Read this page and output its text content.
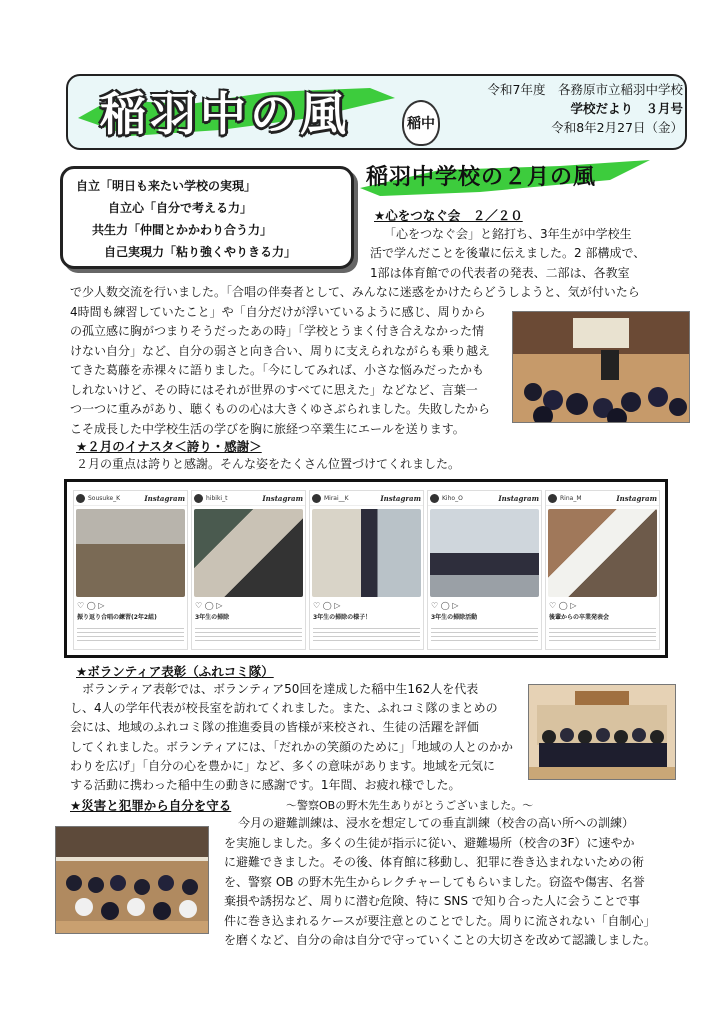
稲羽中の風	稲中
令和7年度　各務原市立稲羽中学校
学校だより　３月号
令和8年2月27日（金）
自立「明日も来たい学校の実現」
自立心「自分で考える力」
共生力「仲間とかかわり合う力」
自己実現力「粘り強くやりきる力」
稲羽中学校の２月の風
★心をつなぐ会　２／２０
「心をつなぐ会」と銘打ち、3年生が中学校生
活で学んだことを後輩に伝えました。2 部構成で、
1部は体育館での代表者の発表、二部は、各教室
で少人数交流を行いました。「合唱の伴奏者として、みんなに迷惑をかけたらどうしようと、気が付いたら
4時間も練習していたこと」や「自分だけが浮いているように感じ、周りから
の孤立感に胸がつまりそうだったあの時」「学校とうまく付き合えなかった情
けない自分」など、自分の弱さと向き合い、周りに支えられながらも乗り越え
てきた葛藤を赤裸々に語りました。「今にしてみれば、小さな悩みだったかも
しれないけど、その時にはそれが世界のすべてに思えた」などなど、言葉一
つ一つに重みがあり、聴くものの心は大きくゆさぶられました。失敗したから
こそ成長した中学校生活の学びを胸に旅経つ卒業生にエールを送ります。
★２月のイナスタ＜誇り・感謝＞
２月の重点は誇りと感謝。そんな姿をたくさん位置づけてくれました。
Sousuke_K	Instagram
♡ ◯ ▷
振り返り合唱の練習(2年2組)
hibiki_t	Instagram
♡ ◯ ▷
3年生の掃除
Mirai__K	Instagram
♡ ◯ ▷
3年生の掃除の様子！
Kiho_O	Instagram
♡ ◯ ▷
3年生の掃除活動
Rina_M	Instagram
♡ ◯ ▷
後輩からの卒業発表会
★ボランティア表彰（ふれコミ隊）
ボランティア表彰では、ボランティア50回を達成した稲中生162人を代表
し、4人の学年代表が校長室を訪れてくれました。また、ふれコミ隊のまとめの
会には、地域のふれコミ隊の推進委員の皆様が来校され、生徒の活躍を評価
してくれました。ボランティアには、「だれかの笑顔のために」「地域の人とのかか
わりを広げ」「自分の心を豊かに」など、多くの意味があります。地域を元気に
する活動に携わった稲中生の動きに感謝です。1年間、お疲れ様でした。
★災害と犯罪から自分を守る	～警察OBの野木先生ありがとうございました。～
今月の避難訓練は、浸水を想定しての垂直訓練（校舎の高い所への訓練）
を実施しました。多くの生徒が指示に従い、避難場所（校舎の3F）に速やか
に避難できました。その後、体育館に移動し、犯罪に巻き込まれないための術
を、警察 OB の野木先生からレクチャーしてもらいました。窃盗や傷害、名誉
棄損や誘拐など、周りに潜む危険、特に SNS で知り合った人に会うことで事
件に巻き込まれるケースが要注意とのことでした。周りに流されない「自制心」
を磨くなど、自分の命は自分で守っていくことの大切さを改めて認識しました。
